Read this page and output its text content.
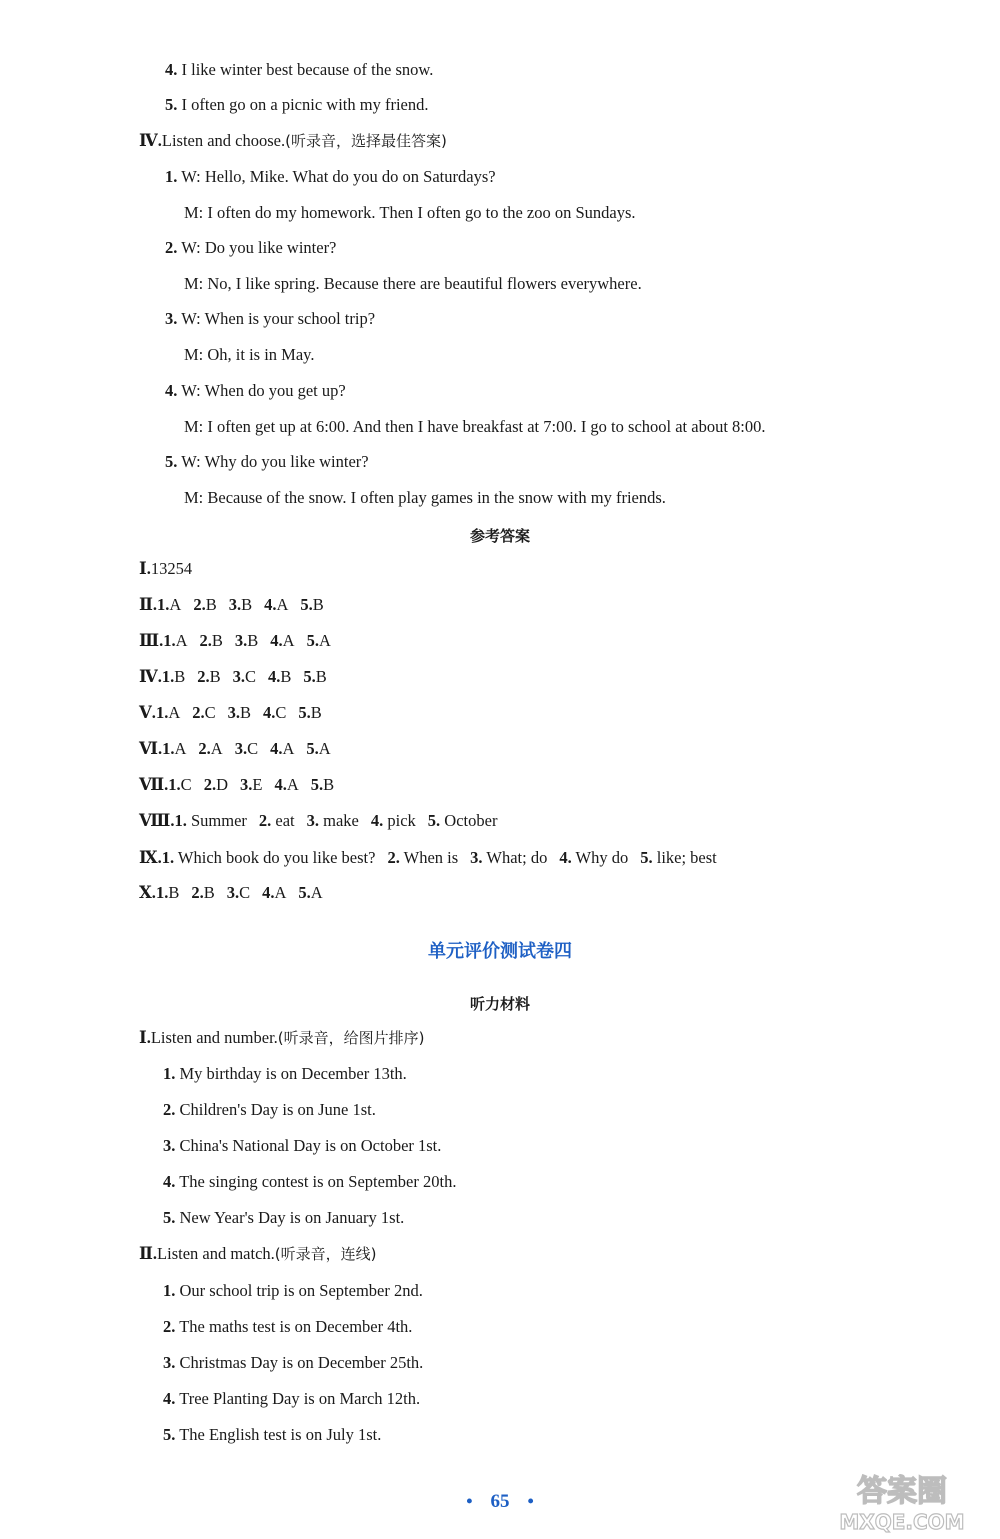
4. I like winter best because of the snow.
5. I often go on a picnic with my friend.
Ⅳ.Listen and choose.(听录音，选择最佳答案)
1. W: Hello, Mike. What do you do on Saturdays?
M: I often do my homework. Then I often go to the zoo on Sundays.
2. W: Do you like winter?
M: No, I like spring. Because there are beautiful flowers everywhere.
3. W: When is your school trip?
M: Oh, it is in May.
4. W: When do you get up?
M: I often get up at 6:00. And then I have breakfast at 7:00. I go to school at about 8:00.
5. W: Why do you like winter?
M: Because of the snow. I often play games in the snow with my friends.
参考答案
Ⅰ.13254
Ⅱ.1.A 2.B 3.B 4.A 5.B
Ⅲ.1.A 2.B 3.B 4.A 5.A
Ⅳ.1.B 2.B 3.C 4.B 5.B
Ⅴ.1.A 2.C 3.B 4.C 5.B
Ⅵ.1.A 2.A 3.C 4.A 5.A
Ⅶ.1.C 2.D 3.E 4.A 5.B
Ⅷ.1. Summer 2. eat 3. make 4. pick 5. October
Ⅸ.1. Which book do you like best? 2. When is 3. What; do 4. Why do 5. like; best
Ⅹ.1.B 2.B 3.C 4.A 5.A
单元评价测试卷四
听力材料
Ⅰ.Listen and number.(听录音，给图片排序)
1. My birthday is on December 13th.
2. Children's Day is on June 1st.
3. China's National Day is on October 1st.
4. The singing contest is on September 20th.
5. New Year's Day is on January 1st.
Ⅱ.Listen and match.(听录音，连线)
1. Our school trip is on September 2nd.
2. The maths test is on December 4th.
3. Christmas Day is on December 25th.
4. Tree Planting Day is on March 12th.
5. The English test is on July 1st.
• 65 •	答案圈
MXQE.COM
